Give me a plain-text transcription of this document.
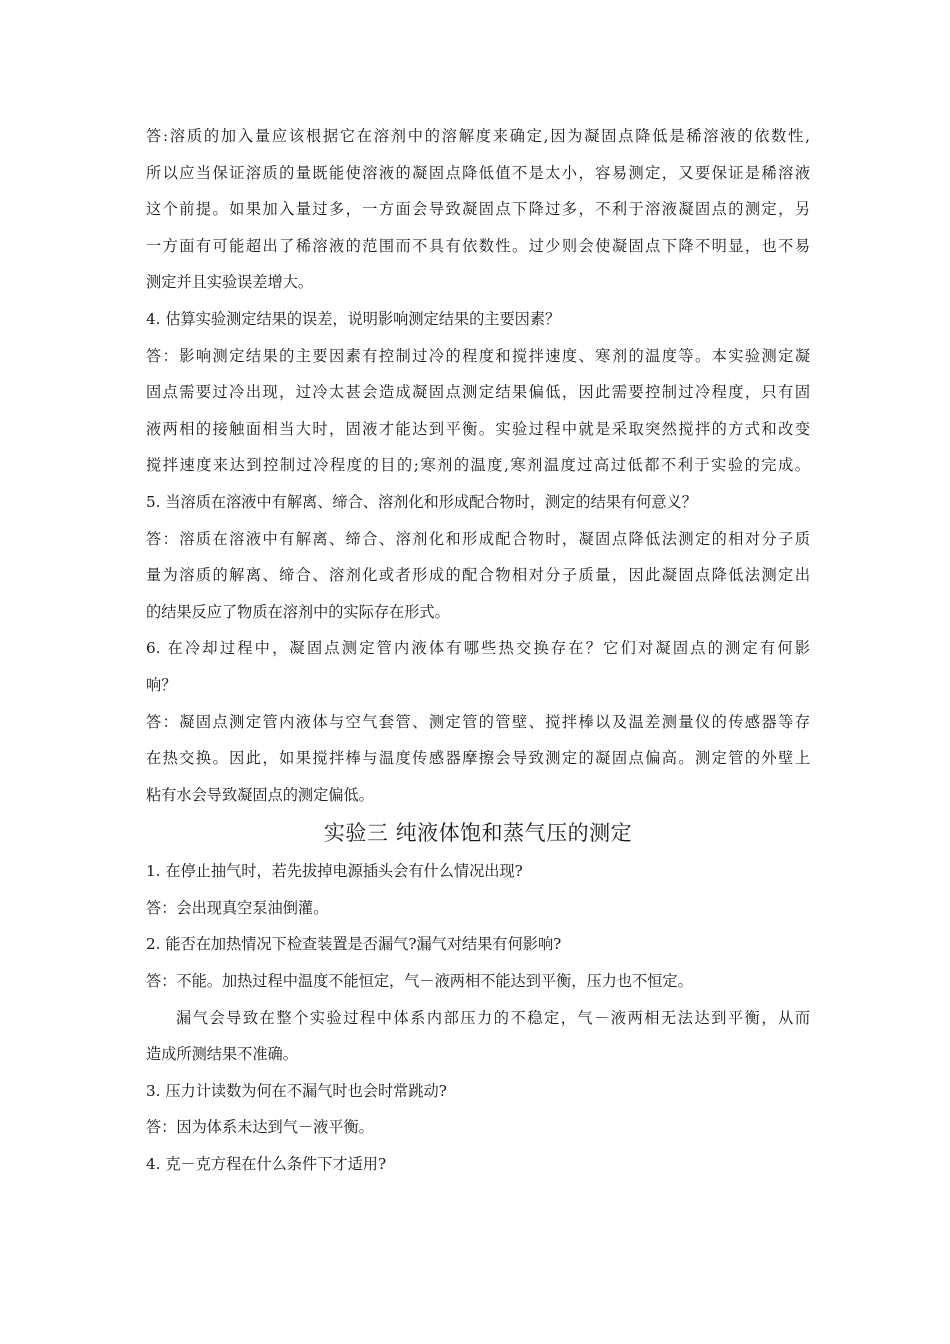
答:溶质的加入量应该根据它在溶剂中的溶解度来确定,因为凝固点降低是稀溶液的依数性,
所以应当保证溶质的量既能使溶液的凝固点降低值不是太小，容易测定，又要保证是稀溶液
这个前提。如果加入量过多，一方面会导致凝固点下降过多，不利于溶液凝固点的测定，另
一方面有可能超出了稀溶液的范围而不具有依数性。过少则会使凝固点下降不明显，也不易
测定并且实验误差增大。
4. 估算实验测定结果的误差，说明影响测定结果的主要因素？
答：影响测定结果的主要因素有控制过冷的程度和搅拌速度、寒剂的温度等。本实验测定凝
固点需要过冷出现，过冷太甚会造成凝固点测定结果偏低，因此需要控制过冷程度，只有固
液两相的接触面相当大时，固液才能达到平衡。实验过程中就是采取突然搅拌的方式和改变
搅拌速度来达到控制过冷程度的目的;寒剂的温度,寒剂温度过高过低都不利于实验的完成。
5. 当溶质在溶液中有解离、缔合、溶剂化和形成配合物时，测定的结果有何意义？
答：溶质在溶液中有解离、缔合、溶剂化和形成配合物时，凝固点降低法测定的相对分子质
量为溶质的解离、缔合、溶剂化或者形成的配合物相对分子质量，因此凝固点降低法测定出
的结果反应了物质在溶剂中的实际存在形式。
6. 在冷却过程中，凝固点测定管内液体有哪些热交换存在？它们对凝固点的测定有何影
响？
答：凝固点测定管内液体与空气套管、测定管的管壁、搅拌棒以及温差测量仪的传感器等存
在热交换。因此，如果搅拌棒与温度传感器摩擦会导致测定的凝固点偏高。测定管的外壁上
粘有水会导致凝固点的测定偏低。
实验三 纯液体饱和蒸气压的测定
1. 在停止抽气时，若先拔掉电源插头会有什么情况出现?
答：会出现真空泵油倒灌。
2. 能否在加热情况下检查装置是否漏气?漏气对结果有何影响?
答：不能。加热过程中温度不能恒定，气－液两相不能达到平衡，压力也不恒定。
漏气会导致在整个实验过程中体系内部压力的不稳定，气－液两相无法达到平衡，从而
造成所测结果不准确。
3. 压力计读数为何在不漏气时也会时常跳动?
答：因为体系未达到气－液平衡。
4. 克－克方程在什么条件下才适用?
